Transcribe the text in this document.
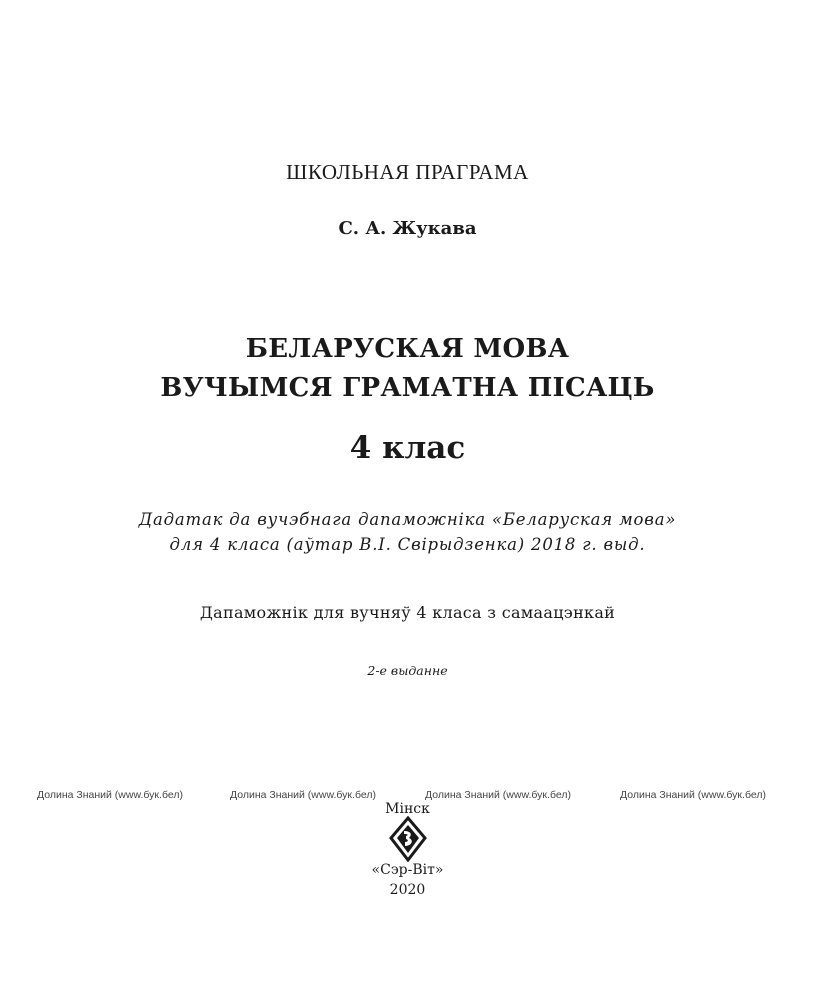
ШКОЛЬНАЯ ПРАГРАМА
С. А. Жукава
БЕЛАРУСКАЯ МОВА
ВУЧЫМСЯ ГРАМАТНА ПІСАЦЬ
4 клас
Дадатак да вучэбнага дапаможніка «Беларуская мова»
для 4 класа (аўтар В.І. Свірыдзенка) 2018 г. выд.
Дапаможнік для вучняў 4 класа з самаацэнкай
2-е выданне
Долина Знаний (www.бук.бел)	Долина Знаний (www.бук.бел)	Долина Знаний (www.бук.бел)	Долина Знаний (www.бук.бел)
Мінск
«Сэр-Віт»
2020
